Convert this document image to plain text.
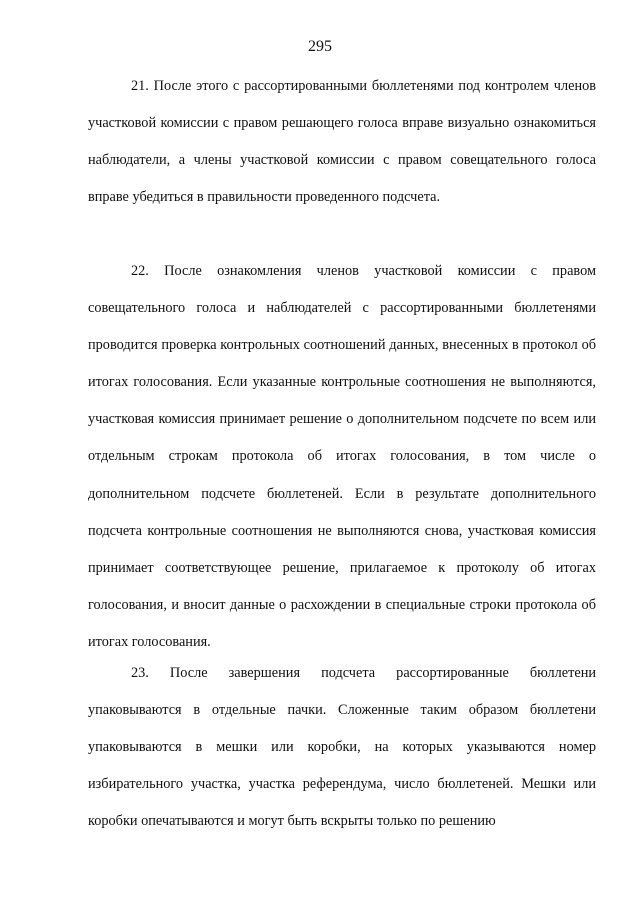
295

21. После этого с рассортированными бюллетенями под контролем членов участковой комиссии с правом решающего голоса вправе визуально ознакомиться наблюдатели, а члены участковой комиссии с правом совещательного голоса вправе убедиться в правильности проведенного подсчета.

22. После ознакомления членов участковой комиссии с правом совещательного голоса и наблюдателей с рассортированными бюллетенями проводится проверка контрольных соотношений данных, внесенных в протокол об итогах голосования. Если указанные контрольные соотношения не выполняются, участковая комиссия принимает решение о дополнительном подсчете по всем или отдельным строкам протокола об итогах голосования, в том числе о дополнительном подсчете бюллетеней. Если в результате дополнительного подсчета контрольные соотношения не выполняются снова, участковая комиссия принимает соответствующее решение, прилагаемое к протоколу об итогах голосования, и вносит данные о расхождении в специальные строки протокола об итогах голосования.

23. После завершения подсчета рассортированные бюллетени упаковываются в отдельные пачки. Сложенные таким образом бюллетени упаковываются в мешки или коробки, на которых указываются номер избирательного участка, участка референдума, число бюллетеней. Мешки или коробки опечатываются и могут быть вскрыты только по решению
